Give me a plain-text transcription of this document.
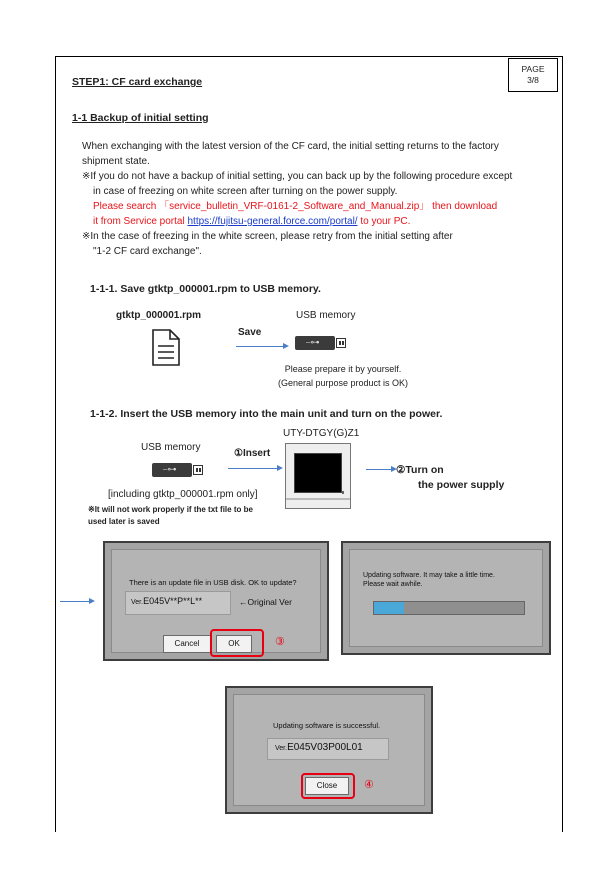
PAGE
3/8
STEP1: CF card exchange
1-1 Backup of initial setting
When exchanging with the latest version of the CF card, the initial setting returns to the factory
shipment state.
※If you do not have a backup of initial setting, you can back up by the following procedure except
in case of freezing on white screen after turning on the power supply.
Please search 「service_bulletin_VRF-0161-2_Software_and_Manual.zip」 then download
it from Service portal https://fujitsu-general.force.com/portal/ to your PC.
※In the case of freezing in the white screen, please retry from the initial setting after
"1-2 CF card exchange".
1-1-1. Save gtktp_000001.rpm to USB memory.
gtktp_000001.rpm	USB memory
Save
⎯⊶
Please prepare it by yourself.
(General purpose product is OK)
1-1-2. Insert the USB memory into the main unit and turn on the power.
UTY-DTGY(G)Z1
USB memory
①Insert
⎯⊶	②Turn on
the power supply
[including gtktp_000001.rpm only]
※It will not work properly if the txt file to be
used later is saved
There is an update file in USB disk. OK to update?
Ver.E045V**P**L**	←Original Ver
Cancel	OK	③
Updating software. It may take a little time.
Please wait awhile.
Updating software is successful.
Ver.E045V03P00L01
Close	④
